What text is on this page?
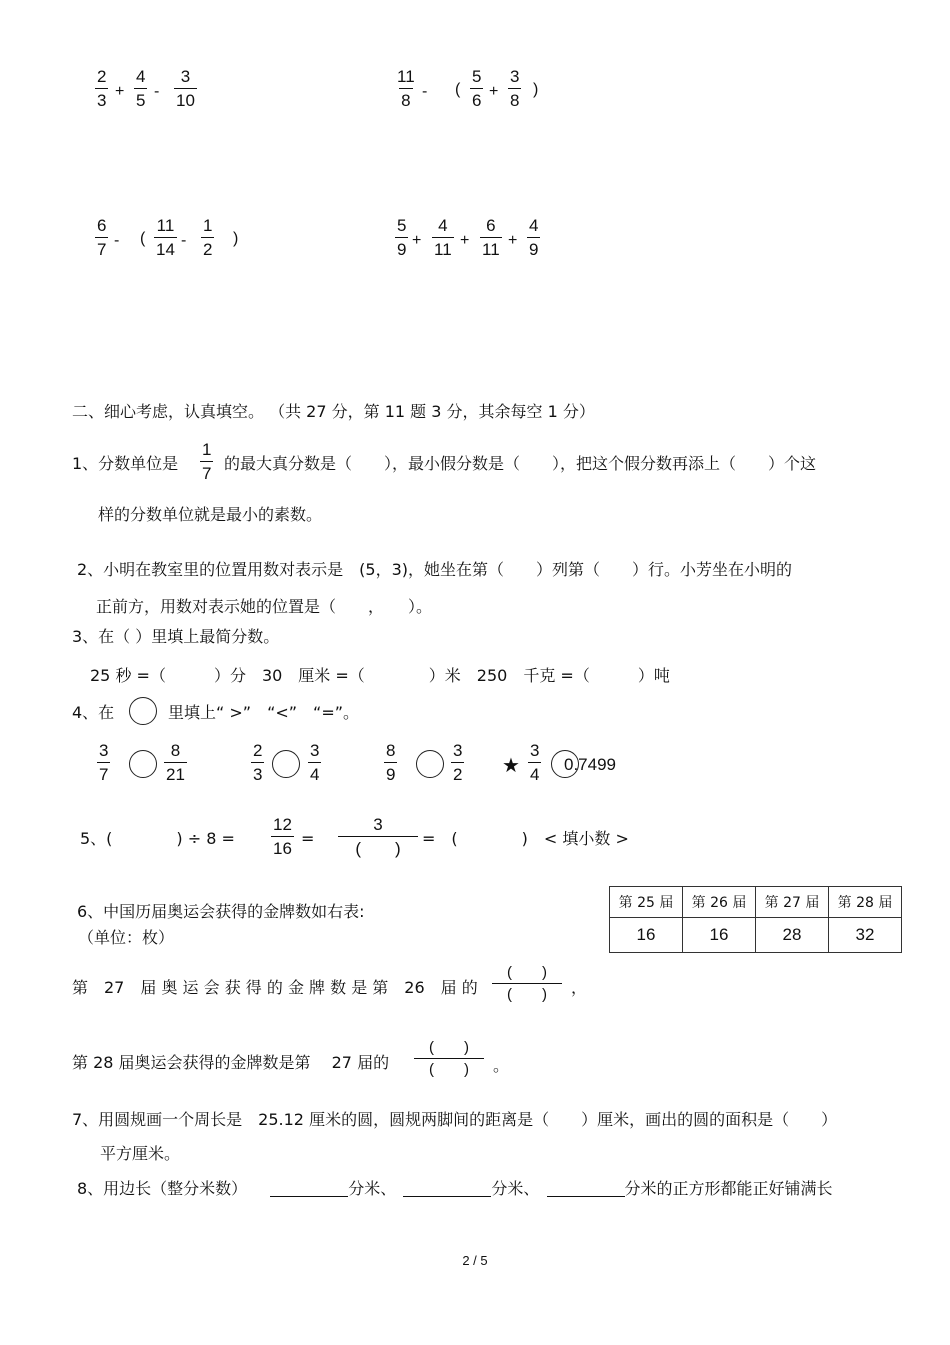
$\frac{2}{3} + \frac{4}{5} - \frac{3}{10}$	$\frac{11}{8}$ - ( $\frac{5}{6} + \frac{3}{8}$ )
$\frac{6}{7}$ - ( $\frac{11}{14} - \frac{1}{2}$ )	$\frac{5}{9} + \frac{4}{11} + \frac{6}{11} + \frac{4}{9}$
二、细心考虑，认真填空。 （共 27 分，第 11 题 3 分，其余每空 1 分）
1、分数单位是 $\frac{1}{7}$ 的最大真分数是（　　），最小假分数是（　　），把这个假分数再添上（　　）个这
样的分数单位就是最小的素数。
2、小明在教室里的位置用数对表示是　(5，3)，她坐在第（　　）列第（　　）行。小芳坐在小明的
正前方，用数对表示她的位置是（　　，　　）。
3、在（ ）里填上最简分数。
25 秒 =（　　　）分　30　厘米 =（　　　　）米　250　千克 =（　　　）吨
4、在	里填上“ >”　“<”　“=”。
$\frac{3}{7}$	$\frac{8}{21}$	$\frac{2}{3}$	$\frac{3}{4}$	$\frac{8}{9}$	$\frac{3}{2}$ ★ $\frac{3}{4} 0.7499$
5、(　　　　) ÷ $8 = \frac{12}{16}$ =
3
(　　)
=　(　　　　)　< 填小数 >
6、中国历届奥运会获得的金牌数如右表:
（单位：枚）
第 25 届	第 26 届	第 27 届	第 28 届
16	16	28	32
第　27　届 奥 运 会 获 得 的 金 牌 数 是 第　26　届 的
(　　)
(　　)	，
第 28 届奥运会获得的金牌数是第　 27 届的
(　　)
(　　)	。
7、用圆规画一个周长是　25.12 厘米的圆，圆规两脚间的距离是（　　）厘米，画出的圆的面积是（　　）
平方厘米。
8、用边长（整分米数）	分米、	分米、	分米的正方形都能正好铺满长
2 / 5
